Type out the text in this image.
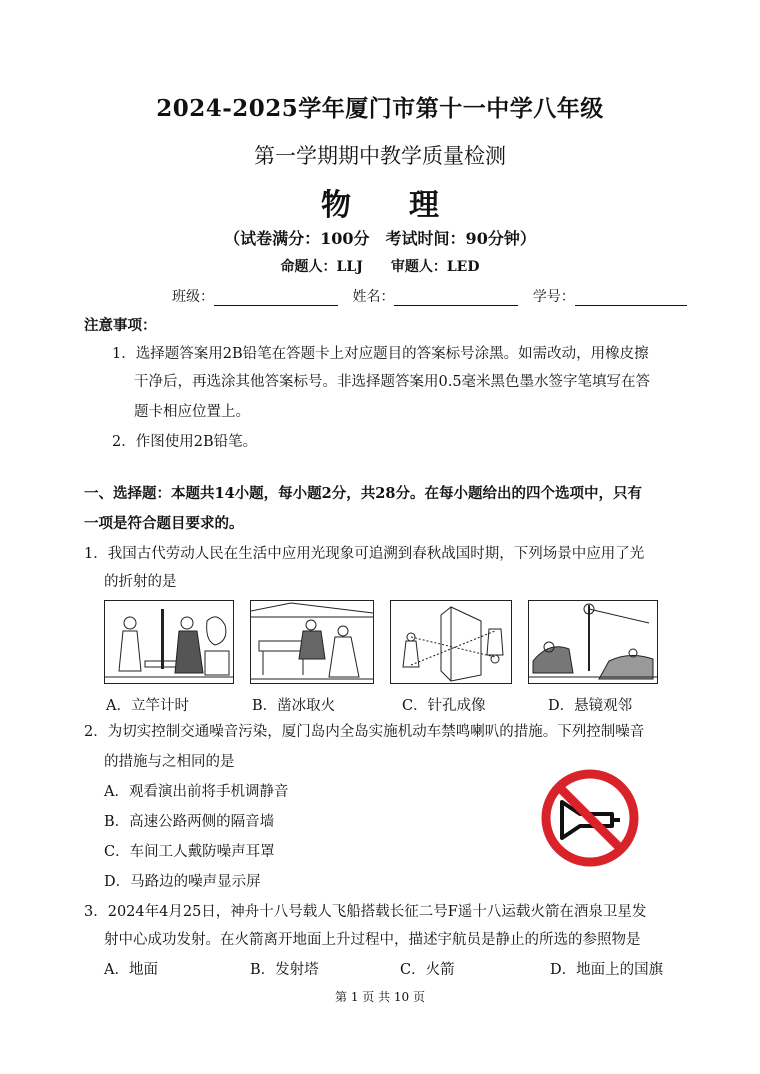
2024-2025学年厦门市第十一中学八年级
第一学期期中教学质量检测
物 理
（试卷满分：100分　考试时间：90分钟）
命题人：LLJ　　审题人：LED
班级：	姓名：	学号：
注意事项：
1．选择题答案用2B铅笔在答题卡上对应题目的答案标号涂黑。如需改动，用橡皮擦
干净后，再选涂其他答案标号。非选择题答案用0.5毫米黑色墨水签字笔填写在答
题卡相应位置上。
2．作图使用2B铅笔。
一、选择题：本题共14小题，每小题2分，共28分。在每小题给出的四个选项中，只有
一项是符合题目要求的。
1．我国古代劳动人民在生活中应用光现象可追溯到春秋战国时期，下列场景中应用了光
的折射的是
A．立竿计时	B．凿冰取火	C．针孔成像	D．悬镜观邻
2．为切实控制交通噪音污染，厦门岛内全岛实施机动车禁鸣喇叭的措施。下列控制噪音
的措施与之相同的是
A．观看演出前将手机调静音
B．高速公路两侧的隔音墙
C．车间工人戴防噪声耳罩
D．马路边的噪声显示屏
3．2024年4月25日，神舟十八号载人飞船搭载长征二号F遥十八运载火箭在酒泉卫星发
射中心成功发射。在火箭离开地面上升过程中，描述宇航员是静止的所选的参照物是
A．地面	B．发射塔	C．火箭	D．地面上的国旗
第 1 页 共 10 页
